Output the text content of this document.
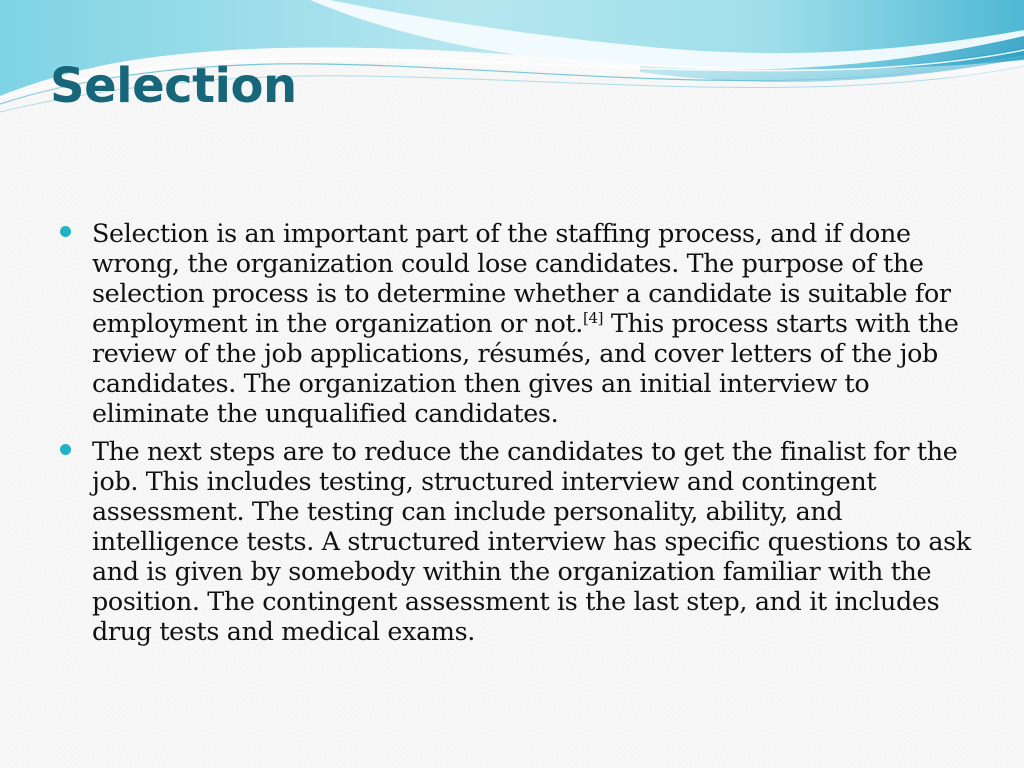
Selection
Selection is an important part of the staffing process, and if done wrong, the organization could lose candidates. The purpose of the selection process is to determine whether a candidate is suitable for employment in the organization or not.[4] This process starts with the review of the job applications, résumés, and cover letters of the job candidates. The organization then gives an initial interview to eliminate the unqualified candidates.
The next steps are to reduce the candidates to get the finalist for the job. This includes testing, structured interview and contingent assessment. The testing can include personality, ability, and intelligence tests. A structured interview has specific questions to ask and is given by somebody within the organization familiar with the position. The contingent assessment is the last step, and it includes drug tests and medical exams.
